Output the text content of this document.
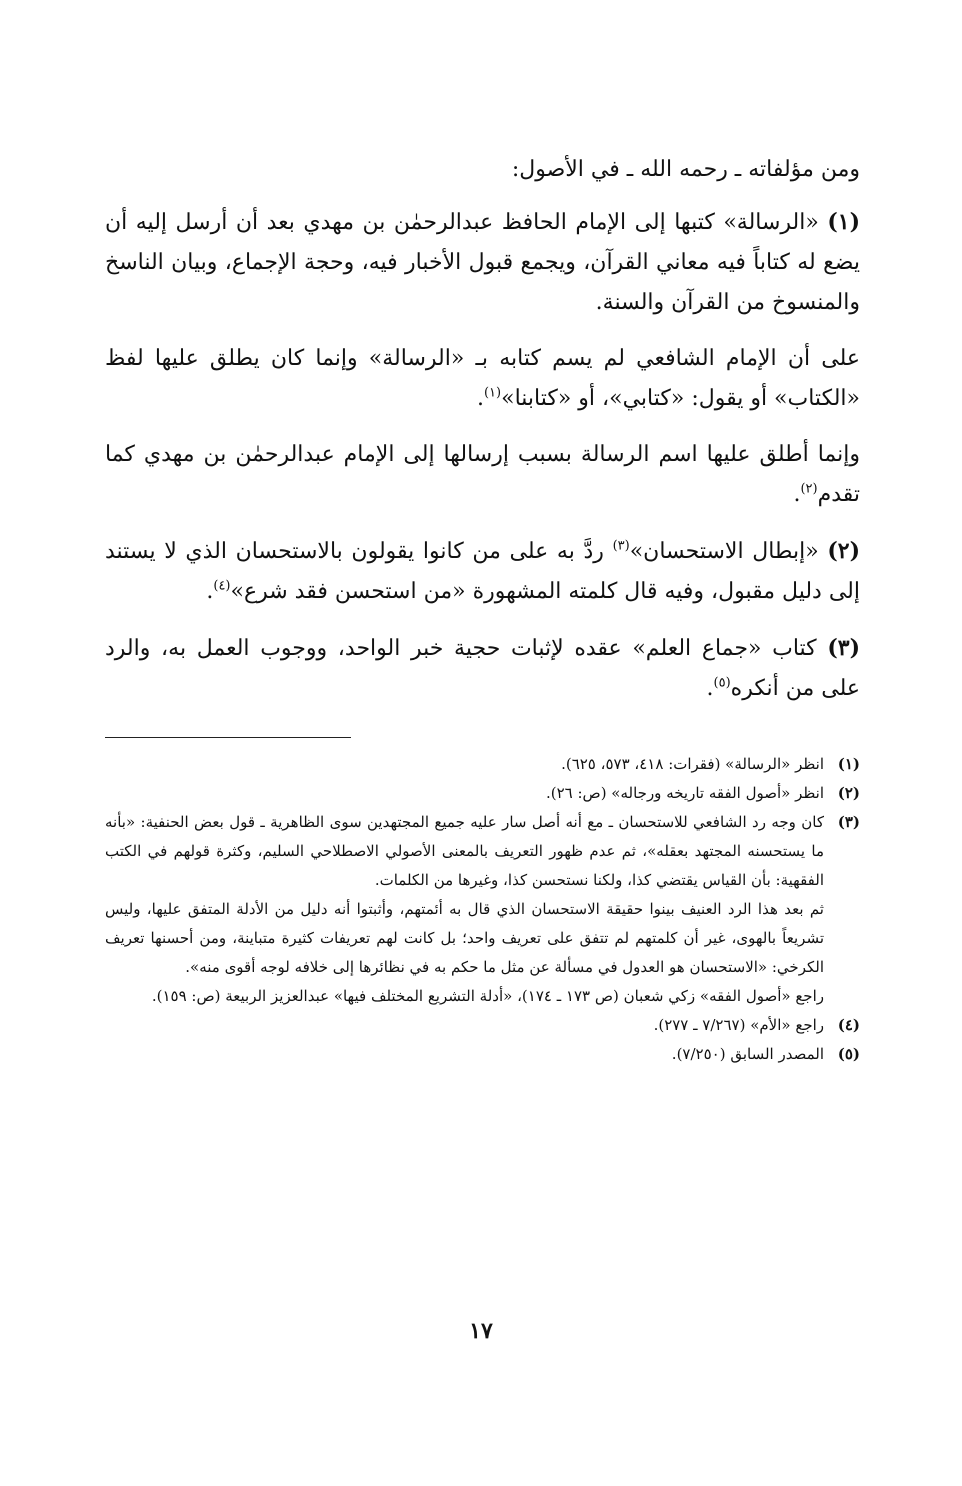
ومن مؤلفاته ـ رحمه الله ـ في الأصول:

(١) «الرسالة» كتبها إلى الإمام الحافظ عبدالرحمٰن بن مهدي بعد أن أرسل إليه أن يضع له كتاباً فيه معاني القرآن، ويجمع قبول الأخبار فيه، وحجة الإجماع، وبيان الناسخ والمنسوخ من القرآن والسنة.

على أن الإمام الشافعي لم يسم كتابه بـ «الرسالة» وإنما كان يطلق عليها لفظ «الكتاب» أو يقول: «كتابي»، أو «كتابنا»$^{(١)}$.

وإنما أطلق عليها اسم الرسالة بسبب إرسالها إلى الإمام عبدالرحمٰن بن مهدي كما تقدم$^{(٢)}$.

(٢) «إبطال الاستحسان»$^{(٣)}$ ردَّ به على من كانوا يقولون بالاستحسان الذي لا يستند إلى دليل مقبول، وفيه قال كلمته المشهورة «من استحسن فقد شرع»$^{(٤)}$.

(٣) كتاب «جماع العلم» عقده لإثبات حجية خبر الواحد، ووجوب العمل به، والرد على من أنكره$^{(٥)}$.

(١)

انظر «الرسالة» (فقرات: ٤١٨، ٥٧٣، ٦٢٥).

(٢)

انظر «أصول الفقه تاريخه ورجاله» (ص: ٢٦).

(٣)

كان وجه رد الشافعي للاستحسان ـ مع أنه أصل سار عليه جميع المجتهدين سوى الظاهرية ـ قول بعض الحنفية: «بأنه ما يستحسنه المجتهد بعقله»، ثم عدم ظهور التعريف بالمعنى الأصولي الاصطلاحي السليم، وكثرة قولهم في الكتب الفقهية: بأن القياس يقتضي كذا، ولكنا نستحسن كذا، وغيرها من الكلمات.

ثم بعد هذا الرد العنيف بينوا حقيقة الاستحسان الذي قال به أئمتهم، وأثبتوا أنه دليل من الأدلة المتفق عليها، وليس تشريعاً بالهوى، غير أن كلمتهم لم تتفق على تعريف واحد؛ بل كانت لهم تعريفات كثيرة متباينة، ومن أحسنها تعريف الكرخي: «الاستحسان هو العدول في مسألة عن مثل ما حكم به في نظائرها إلى خلافه لوجه أقوى منه».

راجع «أصول الفقه» زكي شعبان (ص ١٧٣ ـ ١٧٤)، «أدلة التشريع المختلف فيها» عبدالعزيز الربيعة (ص: ١٥٩).

(٤)

راجع «الأم» (٧/٢٦٧ ـ ٢٧٧).

(٥)

المصدر السابق (٧/٢٥٠).

١٧
